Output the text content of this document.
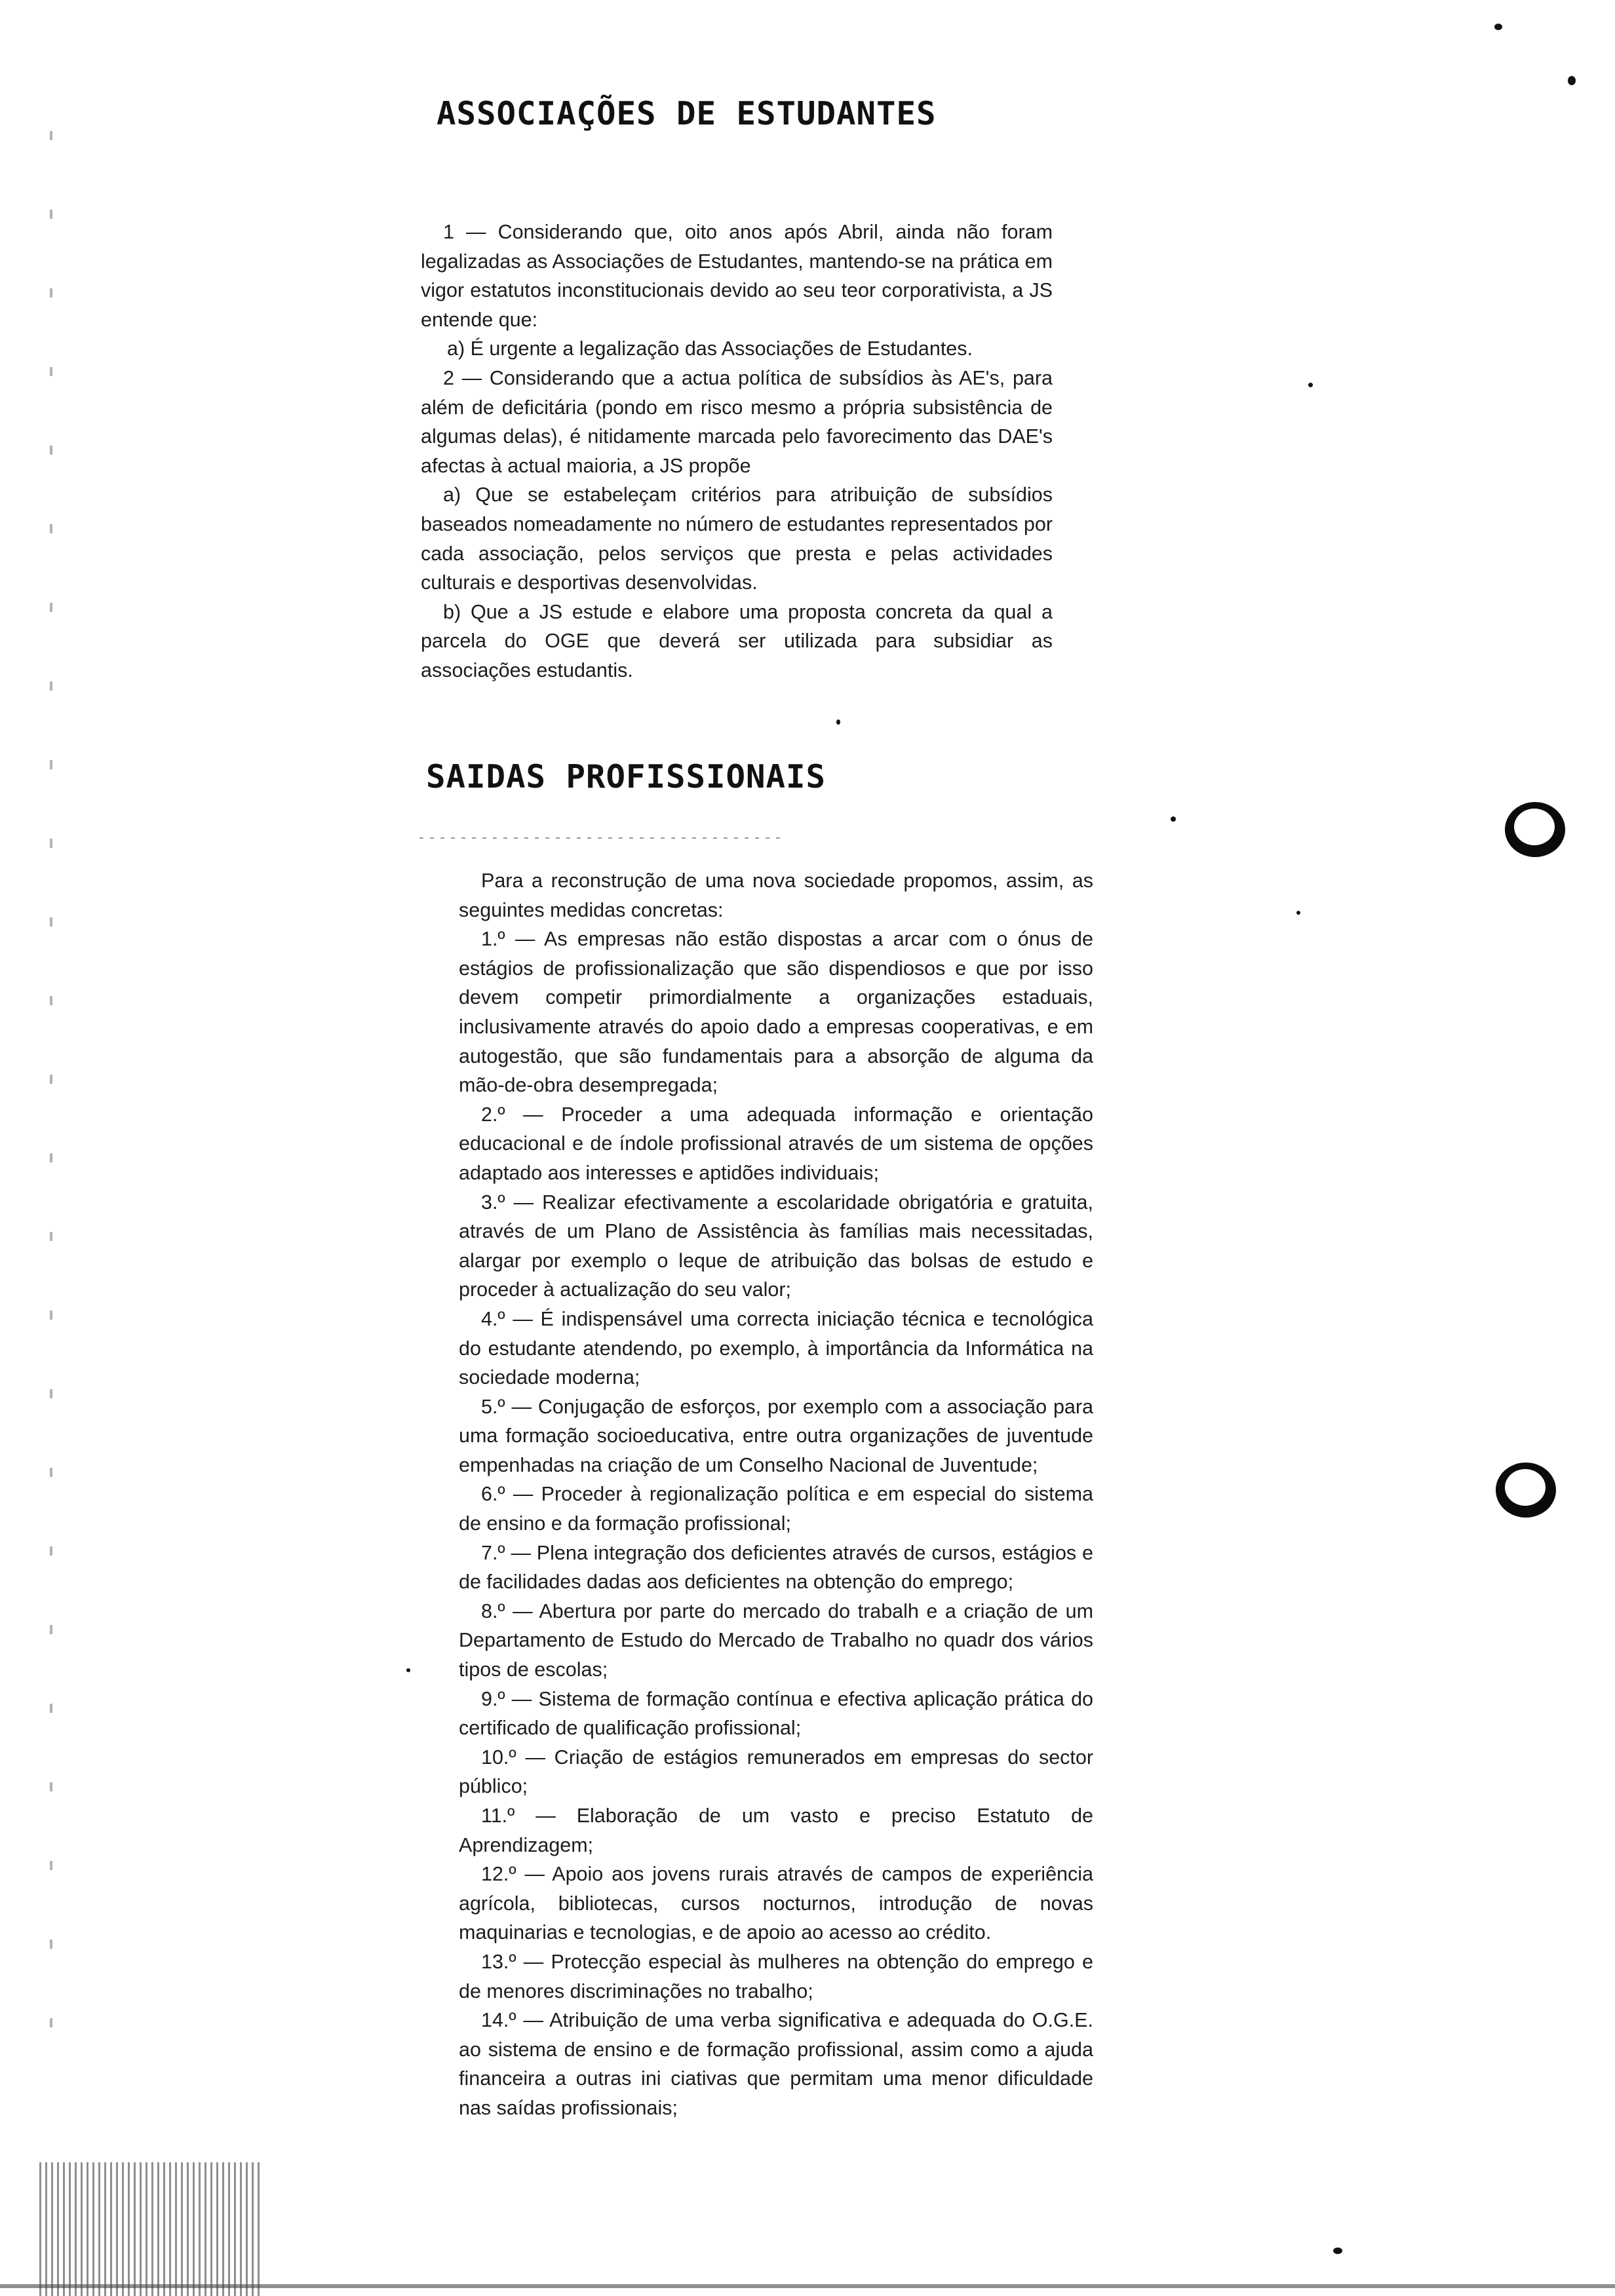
ASSOCIAÇÕES DE ESTUDANTES

1 — Considerando que, oito anos após Abril, ainda não foram legalizadas as Associações de Estudantes, mantendo-se na prática em vigor estatutos inconstitucionais devido ao seu teor corporativista, a JS entende que:

a) É urgente a legalização das Associações de Estudantes.

2 — Considerando que a actua política de subsídios às AE's, para além de deficitária (pondo em risco mesmo a própria subsistência de algumas delas), é nitidamente marcada pelo favorecimento das DAE's afectas à actual maioria, a JS propõe

a) Que se estabeleçam critérios para atribuição de subsídios baseados nomeadamente no número de estudantes representados por cada associação, pelos serviços que presta e pelas actividades culturais e desportivas desenvolvidas.

b) Que a JS estude e elabore uma proposta concreta da qual a parcela do OGE que deverá ser utilizada para subsidiar as associações estudantis.

SAIDAS PROFISSIONAIS

Para a reconstrução de uma nova sociedade propomos, assim, as seguintes medidas concretas:

1.º — As empresas não estão dispostas a arcar com o ónus de estágios de profissionalização que são dispendiosos e que por isso devem competir primordialmente a organizações estaduais, inclusivamente através do apoio dado a empresas cooperativas, e em autogestão, que são fundamentais para a absorção de alguma da mão-de-obra desempregada;

2.º — Proceder a uma adequada informação e orientação educacional e de índole profissional através de um sistema de opções adaptado aos interesses e aptidões individuais;

3.º — Realizar efectivamente a escolaridade obrigatória e gratuita, através de um Plano de Assistência às famílias mais necessitadas, alargar por exemplo o leque de atribuição das bolsas de estudo e proceder à actualização do seu valor;

4.º — É indispensável uma correcta iniciação técnica e tecnológica do estudante atendendo, po exemplo, à importância da Informática na sociedade moderna;

5.º — Conjugação de esforços, por exemplo com a associação para uma formação socioeducativa, entre outra organizações de juventude empenhadas na criação de um Conselho Nacional de Juventude;

6.º — Proceder à regionalização política e em especial do sistema de ensino e da formação profissional;

7.º — Plena integração dos deficientes através de cursos, estágios e de facilidades dadas aos deficientes na obtenção do emprego;

8.º — Abertura por parte do mercado do trabalh e a criação de um Departamento de Estudo do Mercado de Trabalho no quadr dos vários tipos de escolas;

9.º — Sistema de formação contínua e efectiva aplicação prática do certificado de qualificação profissional;

10.º — Criação de estágios remunerados em empresas do sector público;

11.º — Elaboração de um vasto e preciso Estatuto de Aprendizagem;

12.º — Apoio aos jovens rurais através de campos de experiência agrícola, bibliotecas, cursos nocturnos, introdução de novas maquinarias e tecnologias, e de apoio ao acesso ao crédito.

13.º — Protecção especial às mulheres na obtenção do emprego e de menores discriminações no trabalho;

14.º — Atribuição de uma verba significativa e adequada do O.G.E. ao sistema de ensino e de formação profissional, assim como a ajuda financeira a outras ini ciativas que permitam uma menor dificuldade nas saídas profissionais;
